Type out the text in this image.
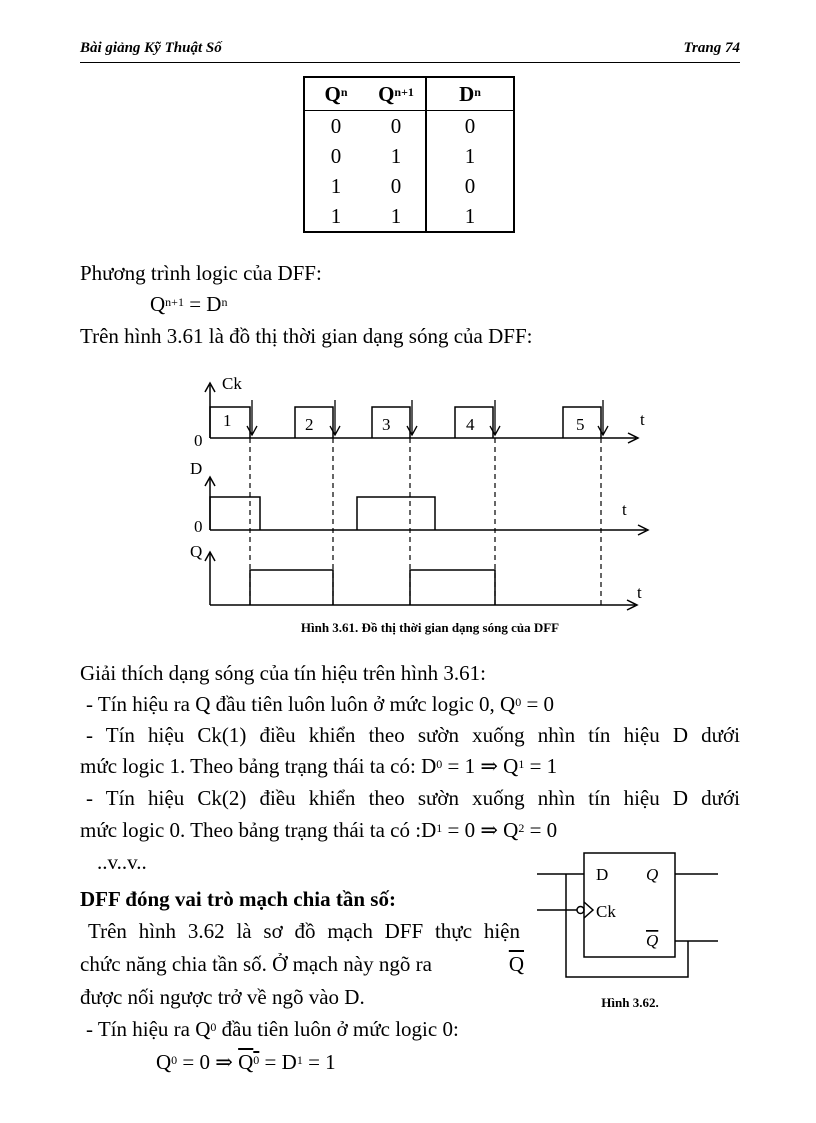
Bài giảng Kỹ Thuật Số	Trang 74
$Q^n$	$Q^{n+1}$	$D^n$
0	0	0
0	1	1
1	0	0
1	1	1
Phương trình logic của DFF:
$Q^{n+1} = D^n$
Trên hình 3.61 là đồ thị thời gian dạng sóng của DFF:
Ck
0
t
1	2	3	4	5
D
0
t
Q
t
Hình 3.61. Đồ thị thời gian dạng sóng của DFF
Giải thích dạng sóng của tín hiệu trên hình 3.61:
- Tín hiệu ra Q đầu tiên luôn luôn ở mức logic 0, $Q^0 = 0$
- Tín hiệu Ck(1) điều khiển theo sườn xuống nhìn tín hiệu D dưới
mức logic 1. Theo bảng trạng thái ta có: $D^0 = 1$ ⇒ $Q^1 = 1$
- Tín hiệu Ck(2) điều khiển theo sườn xuống nhìn tín hiệu D dưới
mức logic 0. Theo bảng trạng thái ta có $:D^1 = 0$ ⇒ $Q^2 = 0$
..v..v..
DFF đóng vai trò mạch chia tần số:
Trên hình 3.62 là sơ đồ mạch DFF thực hiện
chức năng chia tần số. Ở mạch này ngõ ra	$\overline{Q}$
được nối ngược trở về ngõ vào D.
- Tín hiệu ra $Q^0$ đầu tiên luôn ở mức logic 0:
$Q^0 = 0$ ⇒ $Q^0 = D^1 = 1$
D Q
Ck
Q
Hình 3.62.
